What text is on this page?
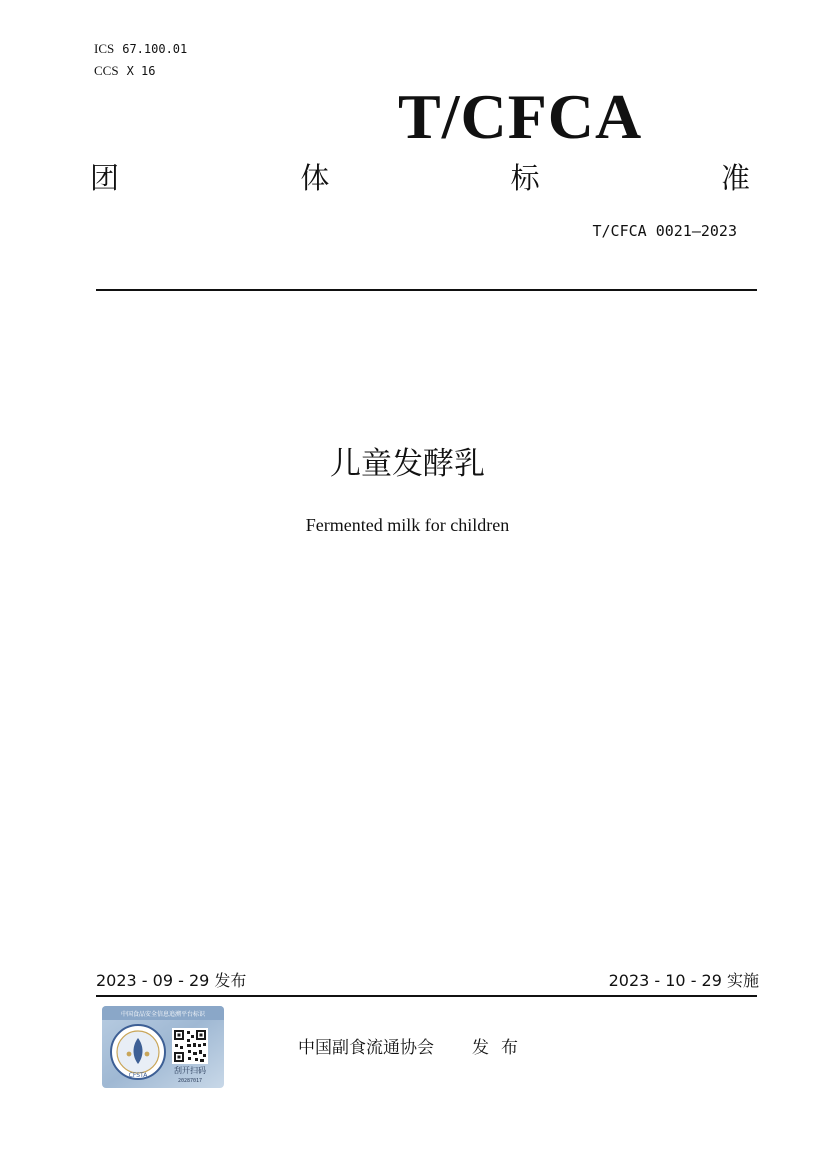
ICS 67.100.01
CCS X 16
T/CFCA
团	体	标	准
T/CFCA 0021—2023
儿童发酵乳
Fermented milk for children
2023 - 09 - 29 发布	2023 - 10 - 29 实施
中国食品安全信息追溯平台标识
CFSTA
刮开扫码
20287017
中国副食流通协会 发布
